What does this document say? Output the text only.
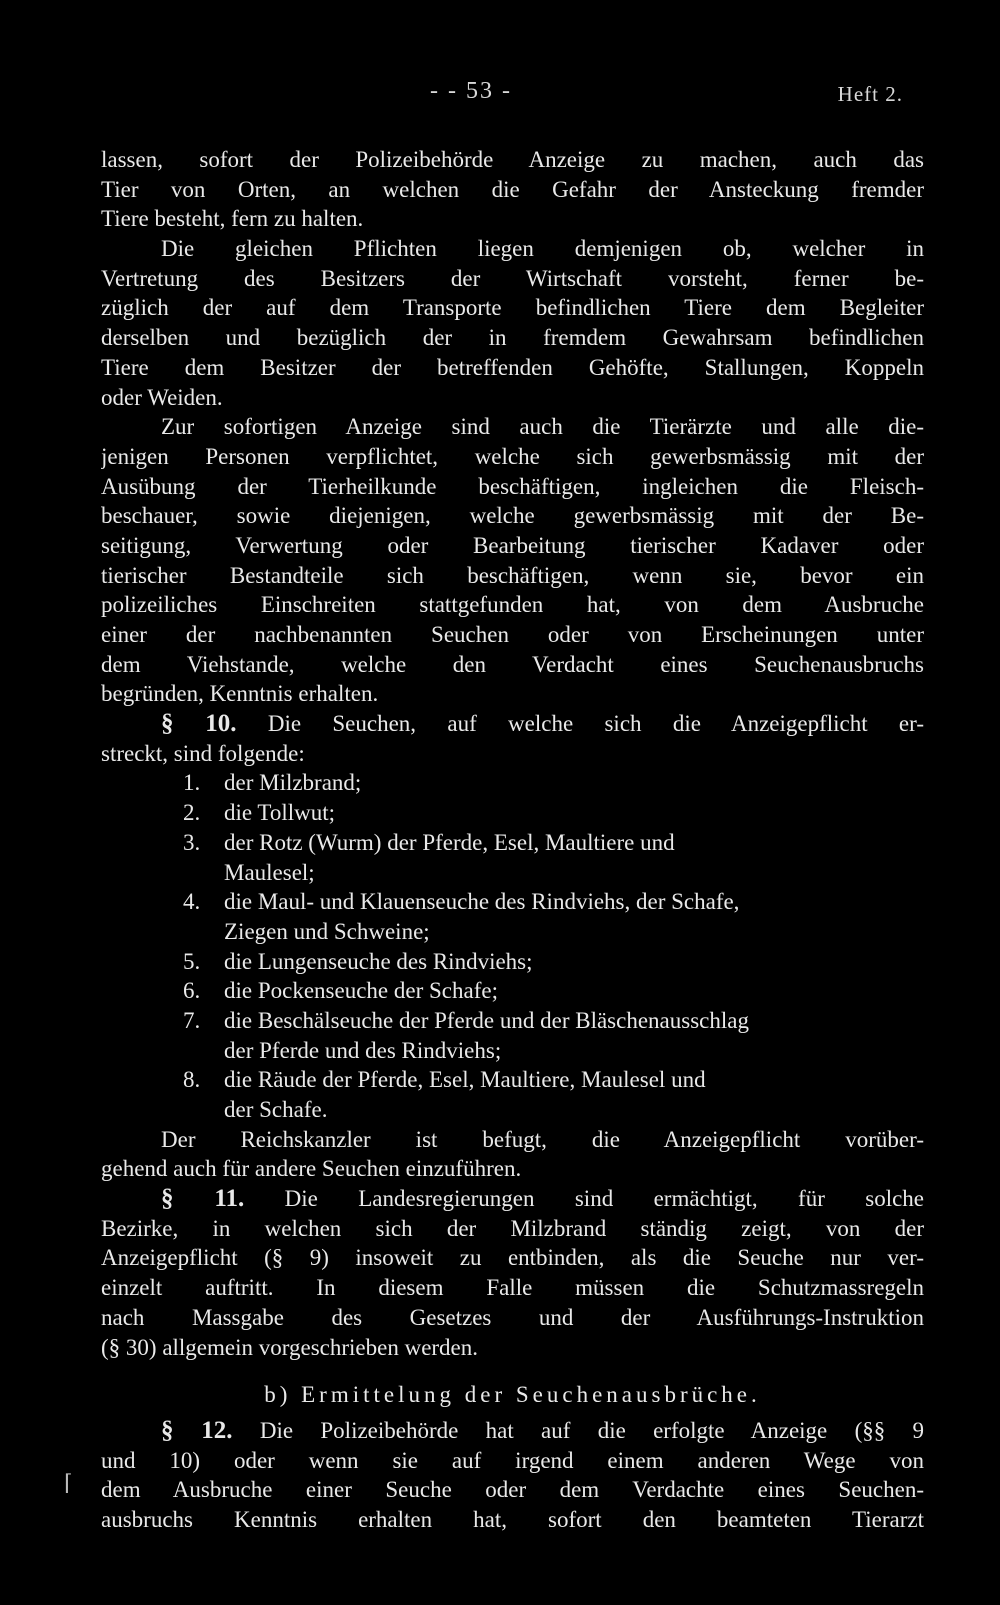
- - 53 -	Heft 2.
lassen, sofort der Polizeibehörde Anzeige zu machen, auch das
Tier von Orten, an welchen die Gefahr der Ansteckung fremder
Tiere besteht, fern zu halten.
Die gleichen Pflichten liegen demjenigen ob, welcher in
Vertretung des Besitzers der Wirtschaft vorsteht, ferner be-
züglich der auf dem Transporte befindlichen Tiere dem Begleiter
derselben und bezüglich der in fremdem Gewahrsam befindlichen
Tiere dem Besitzer der betreffenden Gehöfte, Stallungen, Koppeln
oder Weiden.
Zur sofortigen Anzeige sind auch die Tierärzte und alle die-
jenigen Personen verpflichtet, welche sich gewerbsmässig mit der
Ausübung der Tierheilkunde beschäftigen, ingleichen die Fleisch-
beschauer, sowie diejenigen, welche gewerbsmässig mit der Be-
seitigung, Verwertung oder Bearbeitung tierischer Kadaver oder
tierischer Bestandteile sich beschäftigen, wenn sie, bevor ein
polizeiliches Einschreiten stattgefunden hat, von dem Ausbruche
einer der nachbenannten Seuchen oder von Erscheinungen unter
dem Viehstande, welche den Verdacht eines Seuchenausbruchs
begründen, Kenntnis erhalten.
§ 10. Die Seuchen, auf welche sich die Anzeigepflicht er-
streckt, sind folgende:
1. der Milzbrand;
2. die Tollwut;
3. der Rotz (Wurm) der Pferde, Esel, Maultiere und
Maulesel;
4. die Maul- und Klauenseuche des Rindviehs, der Schafe,
Ziegen und Schweine;
5. die Lungenseuche des Rindviehs;
6. die Pockenseuche der Schafe;
7. die Beschälseuche der Pferde und der Bläschenausschlag
der Pferde und des Rindviehs;
8. die Räude der Pferde, Esel, Maultiere, Maulesel und
der Schafe.
Der Reichskanzler ist befugt, die Anzeigepflicht vorüber-
gehend auch für andere Seuchen einzuführen.
§ 11. Die Landesregierungen sind ermächtigt, für solche
Bezirke, in welchen sich der Milzbrand ständig zeigt, von der
Anzeigepflicht (§ 9) insoweit zu entbinden, als die Seuche nur ver-
einzelt auftritt. In diesem Falle müssen die Schutzmassregeln
nach Massgabe des Gesetzes und der Ausführungs-Instruktion
(§ 30) allgemein vorgeschrieben werden.
b) Ermittelung der Seuchenausbrüche.
§ 12. Die Polizeibehörde hat auf die erfolgte Anzeige (§§ 9
und 10) oder wenn sie auf irgend einem anderen Wege von
dem Ausbruche einer Seuche oder dem Verdachte eines Seuchen-
ausbruchs Kenntnis erhalten hat, sofort den beamteten Tierarzt
⌈
